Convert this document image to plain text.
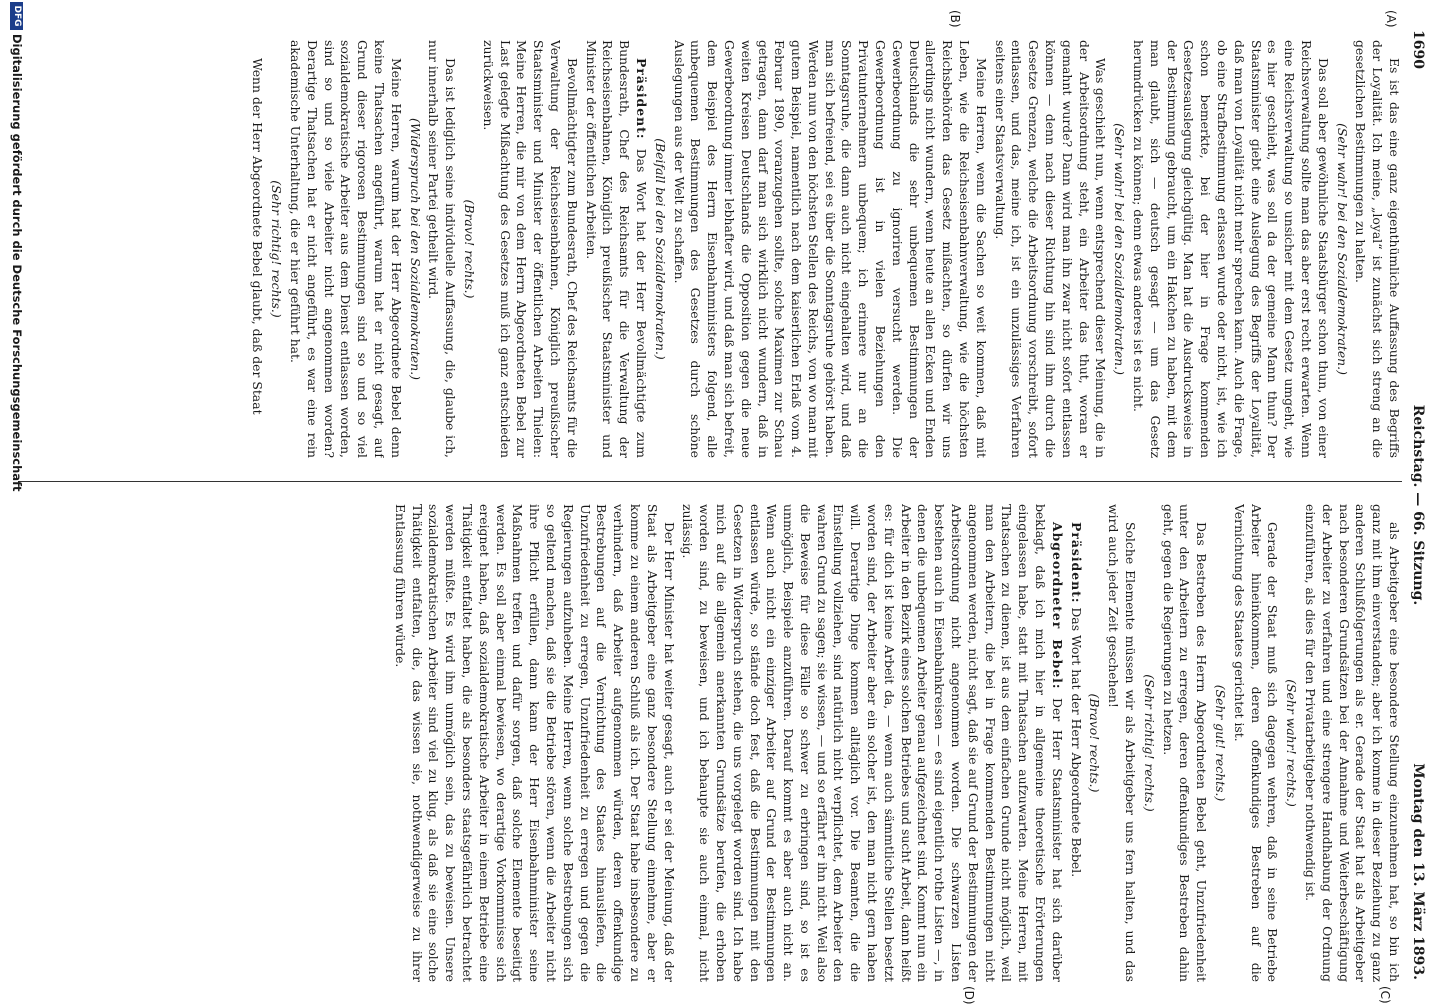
1690
Reichstag. — 66. Sitzung.
Montag den 13. März 1893.
(A)
(B)
(C)
(D)

Es ist das eine ganz eigenthümliche Auffassung des Begriffs der Loyalität. Ich meine, „loyal“ ist zunächst sich streng an die gesetzlichen Bestimmungen zu halten.

(Sehr wahr! bei den Sozialdemokraten.)

Das soll aber gewöhnliche Staatsbürger schon thun, von einer Reichsverwaltung sollte man das aber erst recht erwarten. Wenn eine Reichsverwaltung so unsicher mit dem Gesetz umgeht, wie es hier geschieht, was soll da der gemeine Mann thun? Der Staatsminister giebt eine Auslegung des Begriffs der Loyalität, daß man von Loyalität nicht mehr sprechen kann. Auch die Frage, ob eine Strafbestimmung erlassen wurde oder nicht, ist, wie ich schon bemerkte, bei der hier in Frage kommenden Gesetzesauslegung gleichgültig. Man hat die Ausdrucksweise in der Bestimmung gebraucht, um ein Hakchen zu haben, mit dem man glaubt, sich — deutsch gesagt — um das Gesetz herumdrücken zu können; denn etwas anderes ist es nicht.

(Sehr wahr! bei den Sozialdemokraten.)

Was geschieht nun, wenn entsprechend dieser Meinung, die in der Arbeitsordnung steht, ein Arbeiter das thut, woran er gemahnt wurde? Dann wird man ihn zwar nicht sofort entlassen können — denn nach dieser Richtung hin sind ihm durch die Gesetze Grenzen, welche die Arbeitsordnung vorschreibt, sofort entlassen, und das, meine ich, ist ein unzulässiges Verfahren seitens einer Staatsverwaltung.

Meine Herren, wenn die Sachen so weit kommen, daß mit Leben, wie die Reichseisenbahnverwaltung, wie die höchsten Reichsbehörden das Gesetz mißachten, so dürfen wir uns allerdings nicht wundern, wenn heute an allen Ecken und Enden Deutschlands die sehr unbequemen Bestimmungen der Gewerbeordnung zu ignoriren versucht werden. Die Gewerbeordnung ist in vielen Beziehungen den Privatunternehmern unbequem; ich erinnere nur an die Sonntagsruhe, die dann auch nicht eingehalten wird, und daß man sich befreiend, sei es über die Sonntagsruhe gehörst haben. Werden nun von den höchsten Stellen des Reichs, von wo man mit gutem Beispiel, namentlich nach dem kaiserlichen Erlaß vom 4. Februar 1890, voranzugehen sollte, solche Maximen zur Schau getragen, dann darf man sich wirklich nicht wundern, daß in weiten Kreisen Deutschlands die Opposition gegen die neue Gewerbeordnung immer lebhafter wird, und daß man sich befreit, dem Beispiel des Herrn Eisenbahnministers folgend, alle unbequemen Bestimmungen des Gesetzes durch schöne Auslegungen aus der Welt zu schaffen.

(Beifall bei den Sozialdemokraten.)

Präsident: Das Wort hat der Herr Bevollmächtigte zum Bundesrath, Chef des Reichsamts für die Verwaltung der Reichseisenbahnen, Königlich preußischer Staatsminister und Minister der öffentlichen Arbeiten.

Bevollmächtigter zum Bundesrath, Chef des Reichsamts für die Verwaltung der Reichseisenbahnen, Königlich preußischer Staatsminister und Minister der öffentlichen Arbeiten Thielen: Meine Herren, die mir von dem Herrn Abgeordneten Bebel zur Last gelegte Mißachtung des Gesetzes muß ich ganz entschieden zurückweisen.

(Bravo! rechts.)

Das ist lediglich seine individuelle Auffassung, die, glaube ich, nur innerhalb seiner Partei getheilt wird.

(Widerspruch bei den Sozialdemokraten.)

Meine Herren, warum hat der Herr Abgeordnete Bebel denn keine Thatsachen angeführt, warum hat er nicht gesagt, auf Grund dieser rigorosen Bestimmungen sind so und so viel sozialdemokratische Arbeiter aus dem Dienst entlassen worden, sind so und so viele Arbeiter nicht angenommen worden? Derartige Thatsachen hat er nicht angeführt, es war eine rein akademische Unterhaltung, die er hier geführt hat.

(Sehr richtig! rechts.)

Wenn der Herr Abgeordnete Bebel glaubt, daß der Staat

als Arbeitgeber eine besondere Stellung einzunehmen hat, so bin ich ganz mit ihm einverstanden; aber ich komme in dieser Beziehung zu ganz anderen Schlußfolgerungen als er. Gerade der Staat hat als Arbeitgeber nach besonderen Grundsätzen bei der Annahme und Weiterbeschäftigung der Arbeiter zu verfahren und eine strengere Handhabung der Ordnung einzuführen, als dies für den Privatarbeitgeber nothwendig ist.

(Sehr wahr! rechts.)

Gerade der Staat muß sich dagegen wehren, daß in seine Betriebe Arbeiter hineinkommen, deren offenkundiges Bestreben auf die Vernichtung des Staates gerichtet ist.

(Sehr gut! rechts.)

Das Bestreben des Herrn Abgeordneten Bebel geht, Unzufriedenheit unter den Arbeitern zu erregen, deren offenkundiges Bestreben dahin geht, gegen die Regierungen zu hetzen.

(Sehr richtig! rechts.)

Solche Elemente müssen wir als Arbeitgeber uns fern halten, und das wird auch jeder Zeit geschehen!

(Bravo! rechts.)

Präsident: Das Wort hat der Herr Abgeordnete Bebel.

Abgeordneter Bebel: Der Herr Staatsminister hat sich darüber beklagt, daß ich mich hier in allgemeine theoretische Erörterungen eingelassen habe, statt mit Thatsachen aufzuwarten. Meine Herren, mit Thatsachen zu dienen, ist aus dem einfachen Grunde nicht möglich, weil man den Arbeitern, die bei in Frage kommenden Bestimmungen nicht angenommen werden, nicht sagt, daß sie auf Grund der Bestimmungen der Arbeitsordnung nicht angenommen worden. Die schwarzen Listen bestehen auch in Eisenbahnkreisen — es sind eigentlich rothe Listen —, in denen die unbequemen Arbeiter genau aufgezeichnet sind. Kommt nun ein Arbeiter in den Bezirk eines solchen Betriebes und sucht Arbeit, dann heißt es: für dich ist keine Arbeit da, — wenn auch sämmtliche Stellen besetzt worden sind, der Arbeiter aber ein solcher ist, den man nicht gern haben will. Derartige Dinge kommen alltäglich vor. Die Beamten, die die Einstellung vollziehen, sind natürlich nicht verpflichtet, dem Arbeiter den wahren Grund zu sagen; sie wissen, — und so erfährt er ihn nicht. Weil also die Beweise für diese Fälle so schwer zu erbringen sind, so ist es unmöglich, Beispiele anzuführen. Darauf kommt es aber auch nicht an. Wenn auch nicht ein einziger Arbeiter auf Grund der Bestimmungen entlassen würde, so stände doch fest, daß die Bestimmungen mit den Gesetzen in Widerspruch stehen, die uns vorgelegt worden sind. Ich habe mich auf die allgemein anerkannten Grundsätze berufen, die erhoben worden sind, zu beweisen, und ich behaupte sie auch einmal, nicht zulässig.

Der Herr Minister hat weiter gesagt, auch er sei der Meinung, daß der Staat als Arbeitgeber eine ganz besondere Stellung einnehme, aber er komme zu einem anderen Schluß als ich. Der Staat habe insbesondere zu verhindern, daß Arbeiter aufgenommen würden, deren offenkundige Bestrebungen auf die Vernichtung des Staates hinausliefen, die Unzufriedenheit zu erregen, Unzufriedenheit zu erregen und gegen die Regierungen aufzuheben. Meine Herren, wenn solche Bestrebungen sich so geltend machen, daß sie die Betriebe stören, wenn die Arbeiter nicht ihre Pflicht erfüllen, dann kann der Herr Eisenbahnminister seine Maßnahmen treffen und dafür sorgen, daß solche Elemente beseitigt werden. Es soll aber einmal bewiesen, wo derartige Vorkommnisse sich ereignet haben, daß sozialdemokratische Arbeiter in einem Betriebe eine Thätigkeit entfaltet haben, die als besonders staatsgefährlich betrachtet werden müßte. Es wird ihm unmöglich sein, das zu beweisen. Unsere sozialdemokratischen Arbeiter sind viel zu klug, als daß sie eine solche Thätigkeit entfalten, die, das wissen sie, nothwendigerweise zu ihrer Entlassung führen würde.

DFG
Digitalisierung gefördert durch die Deutsche Forschungsgemeinschaft
